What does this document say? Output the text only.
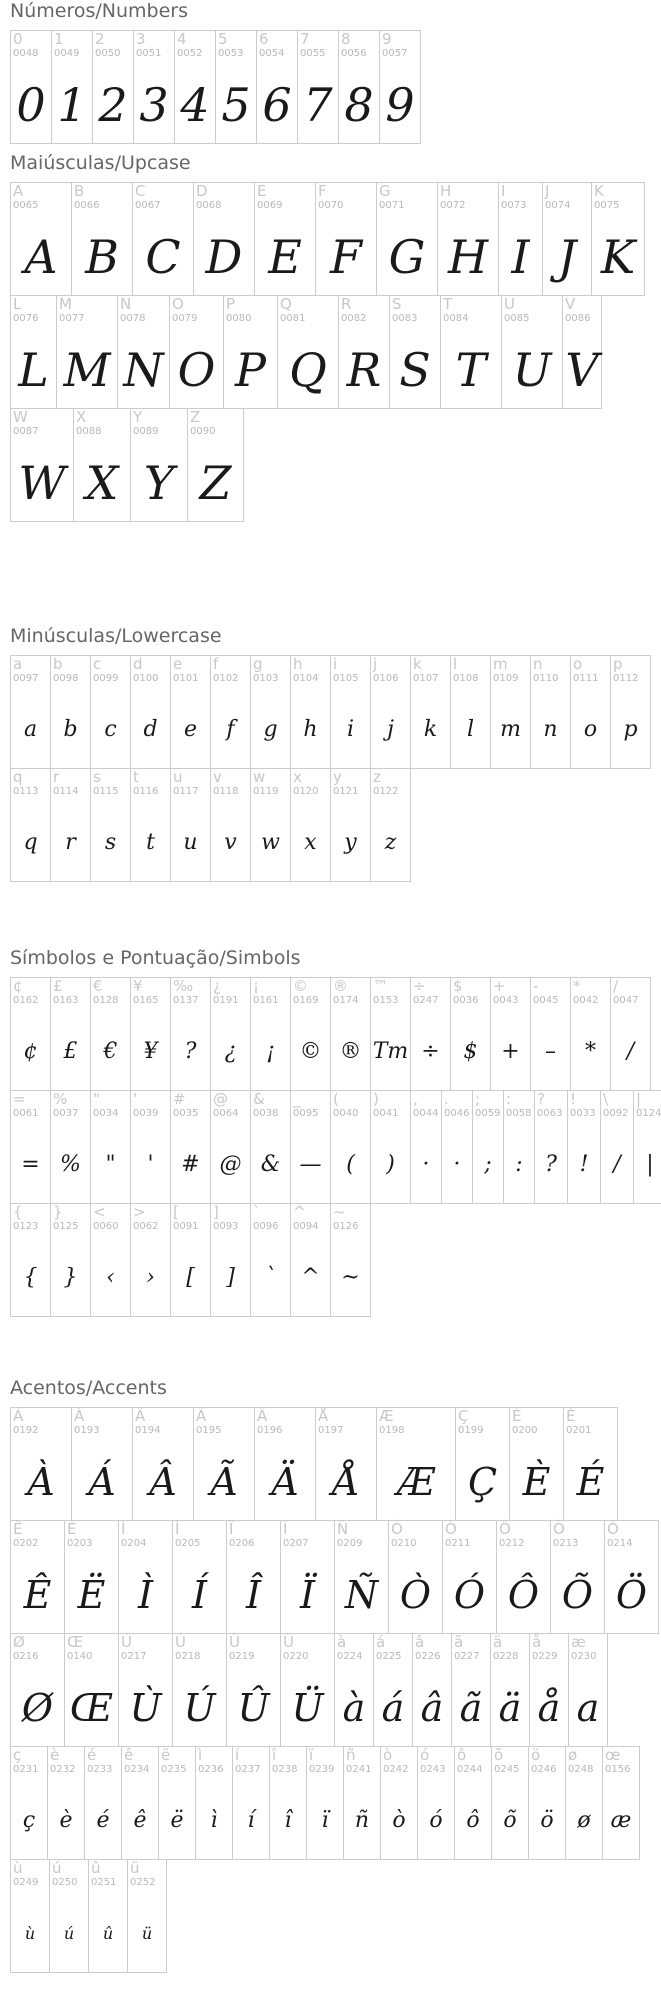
Números/Numbers
0
0048
0
1
0049
1
2
0050
2
3
0051
3
4
0052
4
5
0053
5
6
0054
6
7
0055
7
8
0056
8
9
0057
9
Maiúsculas/Upcase
A
0065
A
B
0066
B
C
0067
C
D
0068
D
E
0069
E
F
0070
F
G
0071
G
H
0072
H
I
0073
I
J
0074
J
K
0075
K
L
0076
L
M
0077
M
N
0078
N
O
0079
O
P
0080
P
Q
0081
Q
R
0082
R
S
0083
S
T
0084
T
U
0085
U
V
0086
V
W
0087
W
X
0088
X
Y
0089
Y
Z
0090
Z
Minúsculas/Lowercase
a
0097
a
b
0098
b
c
0099
c
d
0100
d
e
0101
e
f
0102
f
g
0103
g
h
0104
h
i
0105
i
j
0106
j
k
0107
k
l
0108
l
m
0109
m
n
0110
n
o
0111
o
p
0112
p
q
0113
q
r
0114
r
s
0115
s
t
0116
t
u
0117
u
v
0118
v
w
0119
w
x
0120
x
y
0121
y
z
0122
z
Símbolos e Pontuação/Simbols
¢
0162
¢
£
0163
£
€
0128
€
¥
0165
¥
‰
0137
?
¿
0191
¿
¡
0161
¡
©
0169
©
®
0174
®
™
0153
Tm
÷
0247
÷
$
0036
$
+
0043
+
-
0045
–
*
0042
*
/
0047
/
=
0061
=
%
0037
%
"
0034
"
'
0039
'
#
0035
#
@
0064
@
&
0038
&
_
0095
—
(
0040
(
)
0041
)
,
0044
·
.
0046
·
;
0059
;
:
0058
:
?
0063
?
!
0033
!
\
0092
/
|
0124
|
{
0123
{
}
0125
}
<
0060
‹
>
0062
›
[
0091
[
]
0093
]
`
0096
`
^
0094
^
~
0126
~
Acentos/Accents
À
0192
À
Á
0193
Á
Â
0194
Â
Ã
0195
Ã
Ä
0196
Ä
Å
0197
Å
Æ
0198
Æ
Ç
0199
Ç
È
0200
È
É
0201
É
Ê
0202
Ê
Ë
0203
Ë
Ì
0204
Ì
Í
0205
Í
Î
0206
Î
Ï
0207
Ï
Ñ
0209
Ñ
Ò
0210
Ò
Ó
0211
Ó
Ô
0212
Ô
Õ
0213
Õ
Ö
0214
Ö
Ø
0216
Ø
Œ
0140
Œ
Ù
0217
Ù
Ú
0218
Ú
Û
0219
Û
Ü
0220
Ü
à
0224
à
á
0225
á
â
0226
â
ã
0227
ã
ä
0228
ä
å
0229
å
æ
0230
a
ç
0231
ç
è
0232
è
é
0233
é
ê
0234
ê
ë
0235
ë
ì
0236
ì
í
0237
í
î
0238
î
ï
0239
ï
ñ
0241
ñ
ò
0242
ò
ó
0243
ó
ô
0244
ô
õ
0245
õ
ö
0246
ö
ø
0248
ø
œ
0156
æ
ù
0249
ù
ú
0250
ú
û
0251
û
ü
0252
ü
